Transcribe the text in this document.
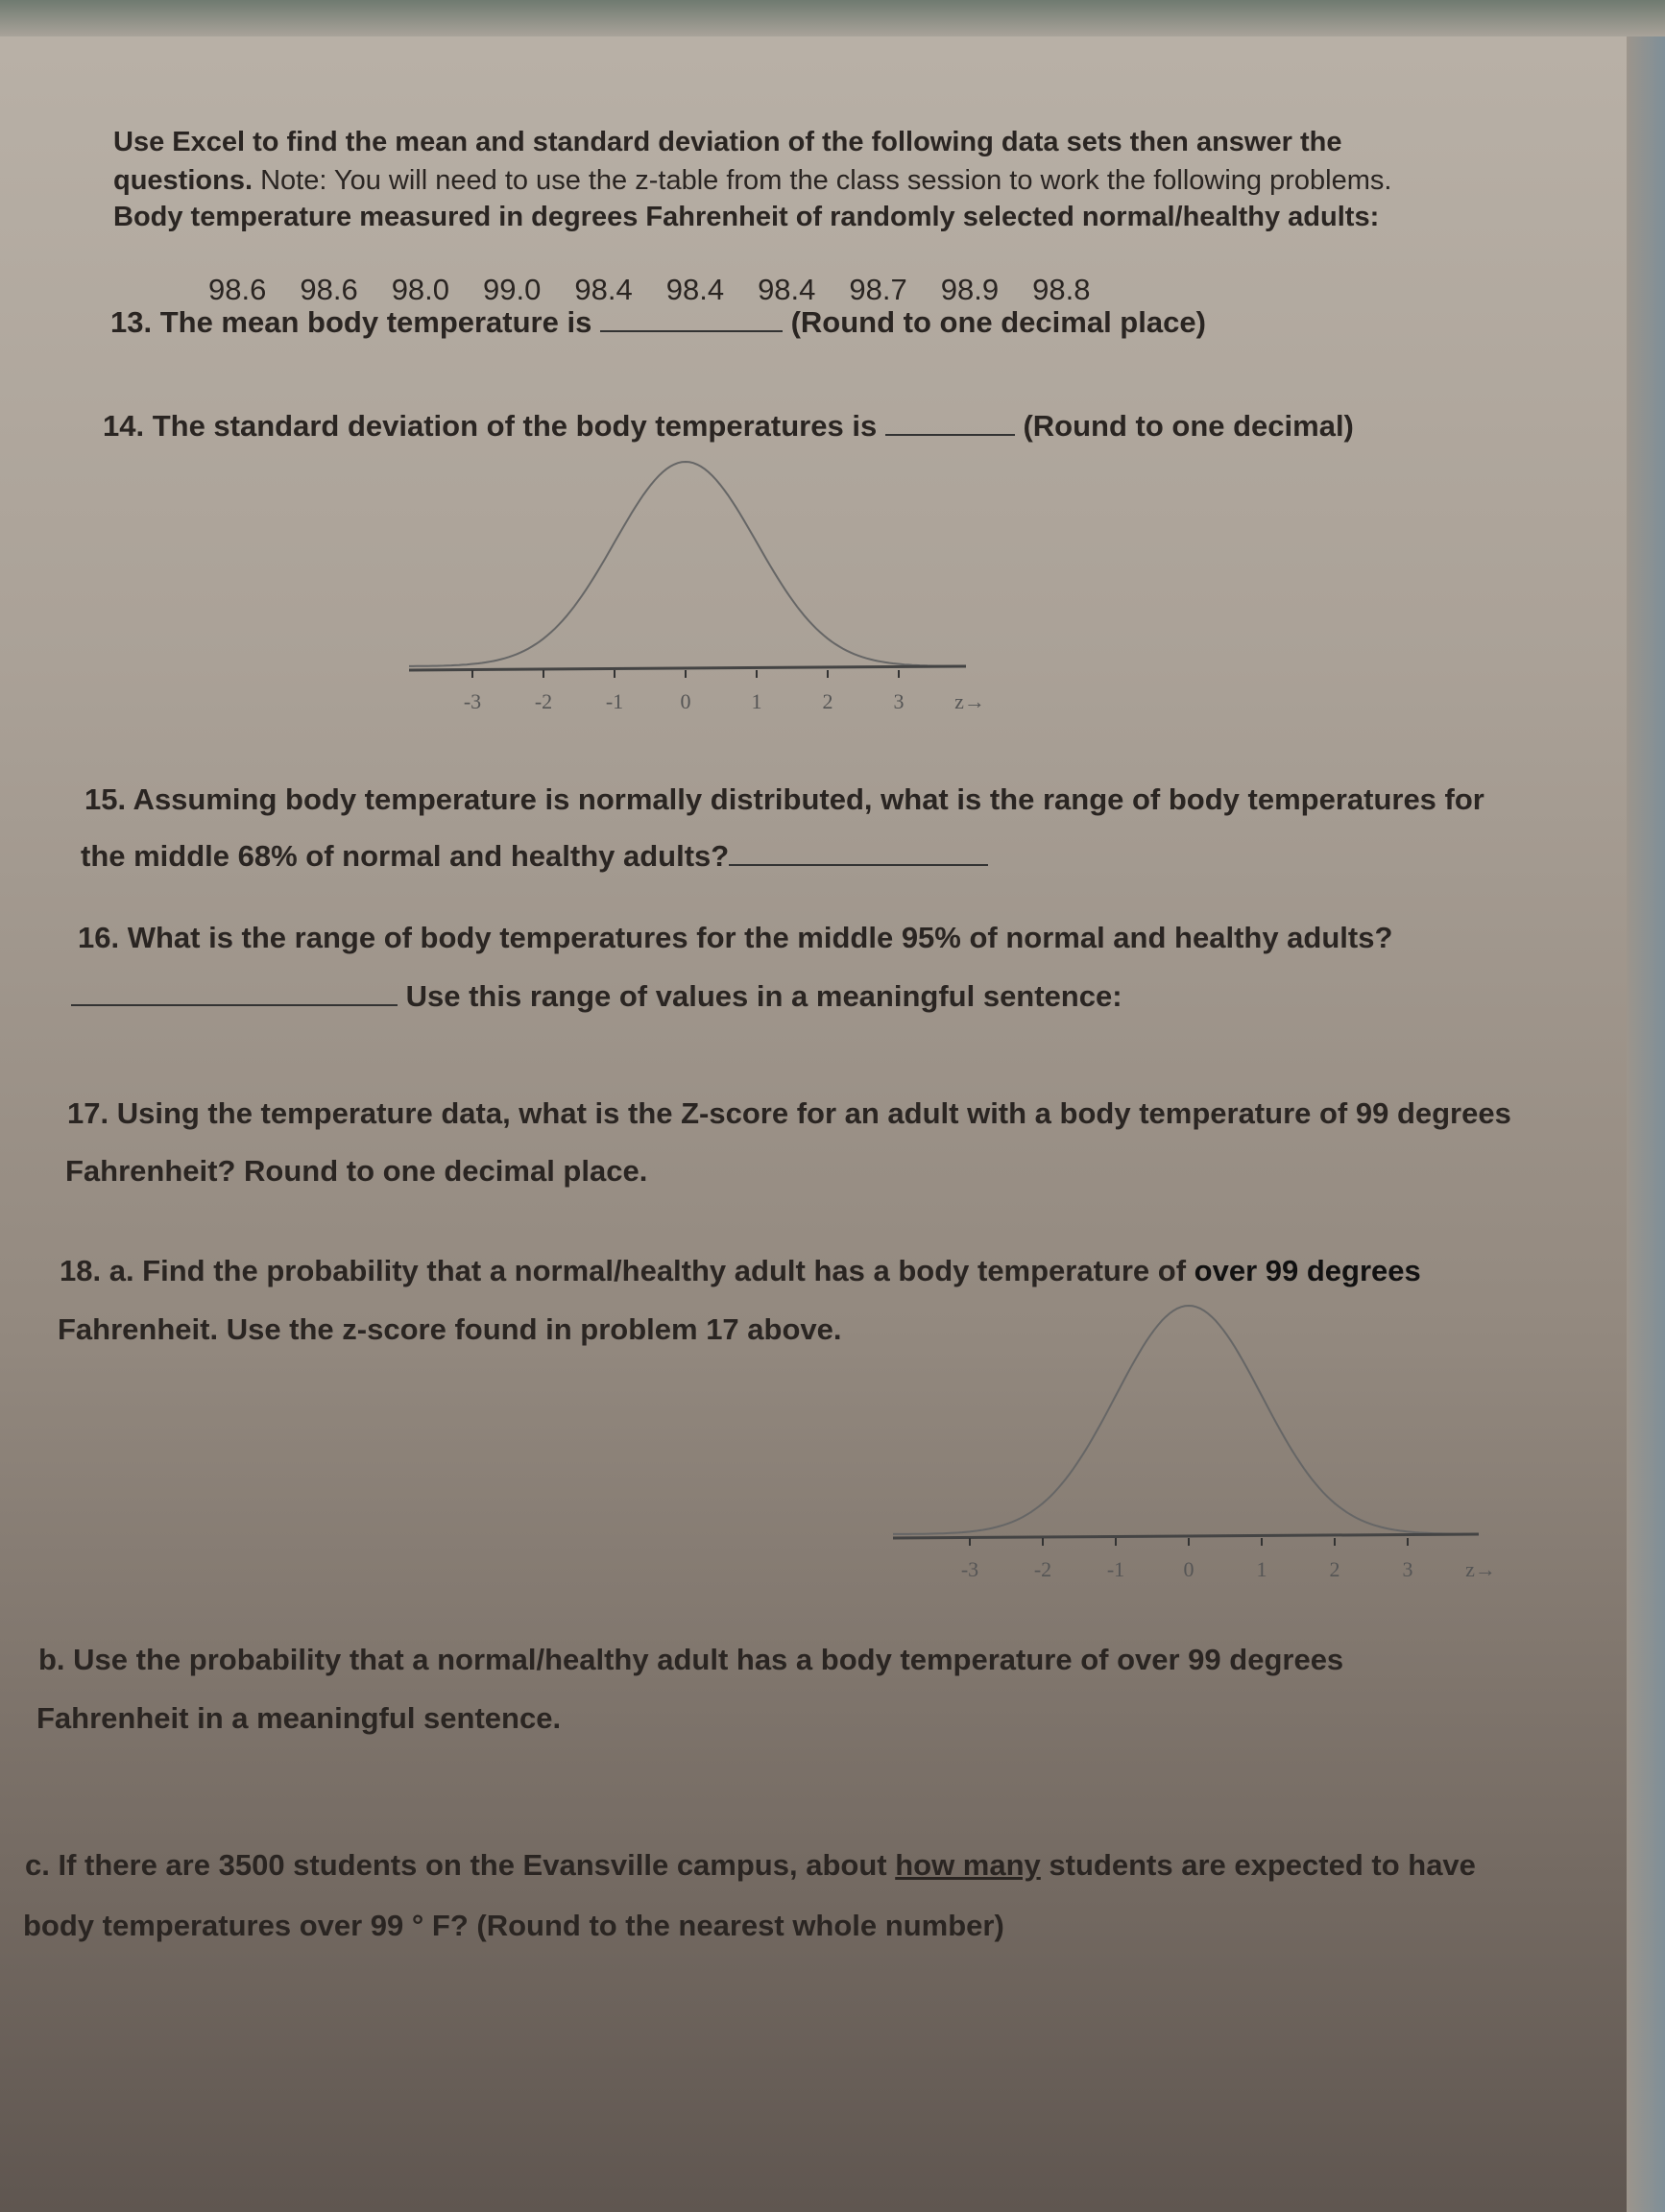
Use Excel to find the mean and standard deviation of the following data sets then answer the
questions. Note: You will need to use the z-table from the class session to work the following problems.
Body temperature measured in degrees Fahrenheit of randomly selected normal/healthy adults:
98.6 98.6 98.0 99.0 98.4 98.4 98.4 98.7 98.9 98.8
13. The mean body temperature is	(Round to one decimal place)
14. The standard deviation of the body temperatures is	(Round to one decimal)
-3	-2	-1	0	1	2	3 z→
15. Assuming body temperature is normally distributed, what is the range of body temperatures for
the middle 68% of normal and healthy adults?
16. What is the range of body temperatures for the middle 95% of normal and healthy adults?
Use this range of values in a meaningful sentence:
17. Using the temperature data, what is the Z-score for an adult with a body temperature of 99 degrees
Fahrenheit? Round to one decimal place.
18. a. Find the probability that a normal/healthy adult has a body temperature of over 99 degrees
Fahrenheit. Use the z-score found in problem 17 above.
-3	-2	-1	0	1	2	3 z→
b. Use the probability that a normal/healthy adult has a body temperature of over 99 degrees
Fahrenheit in a meaningful sentence.
c. If there are 3500 students on the Evansville campus, about how many students are expected to have
body temperatures over 99 ° F? (Round to the nearest whole number)
